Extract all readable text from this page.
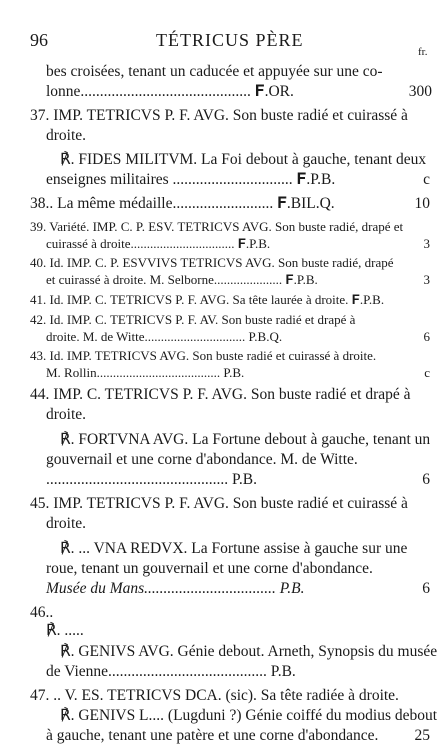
96	TÉTRICUS PÈRE
fr.
bes croisées, tenant un caducée et appuyée sur une co-
lonne............................................ 𝐅.OR.
37. IMP. TETRICVS P. F. AVG. Son buste radié et cuirassé à
droite.
℟. FIDES MILITVM. La Foi debout à gauche, tenant deux
enseignes militaires ............................... 𝐅.P.B.
38.. La même médaille.......................... 𝐅.BIL.Q.
39. Variété. IMP. C. P. ESV. TETRICVS AVG. Son buste radié, drapé et
cuirassé à droite................................ 𝐅.P.B.
40. Id. IMP. C. P. ESVVIVS TETRICVS AVG. Son buste radié, drapé
et cuirassé à droite. M. Selborne..................... 𝐅.P.B.
41. Id. IMP. C. TETRICVS P. F. AVG. Sa tête laurée à droite. 𝐅.P.B.
42. Id. IMP. C. TETRICVS P. F. AV. Son buste radié et drapé à
droite. M. de Witte............................... P.B.Q.
43. Id. IMP. TETRICVS AVG. Son buste radié et cuirassé à droite.
M. Rollin...................................... P.B.
44. IMP. C. TETRICVS P. F. AVG. Son buste radié et drapé à
droite.
℟. FORTVNA AVG. La Fortune debout à gauche, tenant un
gouvernail et une corne d'abondance. M. de Witte.
............................................... P.B.
45. IMP. TETRICVS P. F. AVG. Son buste radié et cuirassé à
droite.
℟. ... VNA REDVX. La Fortune assise à gauche sur une
roue, tenant un gouvernail et une corne d'abondance.
Musée du Mans.................................. P.B.
46..
℟. .....
℟. GENIVS AVG. Génie debout. Arneth, Synopsis du musée
de Vienne......................................... P.B.
47. .. V. ES. TETRICVS DCA. (sic). Sa tête radiée à droite.
℟. GENIVS L.... (Lugduni ?) Génie coiffé du modius debout
à gauche, tenant une patère et une corne d'abondance.
300
c
10
3
3
6
c
6
6
25
